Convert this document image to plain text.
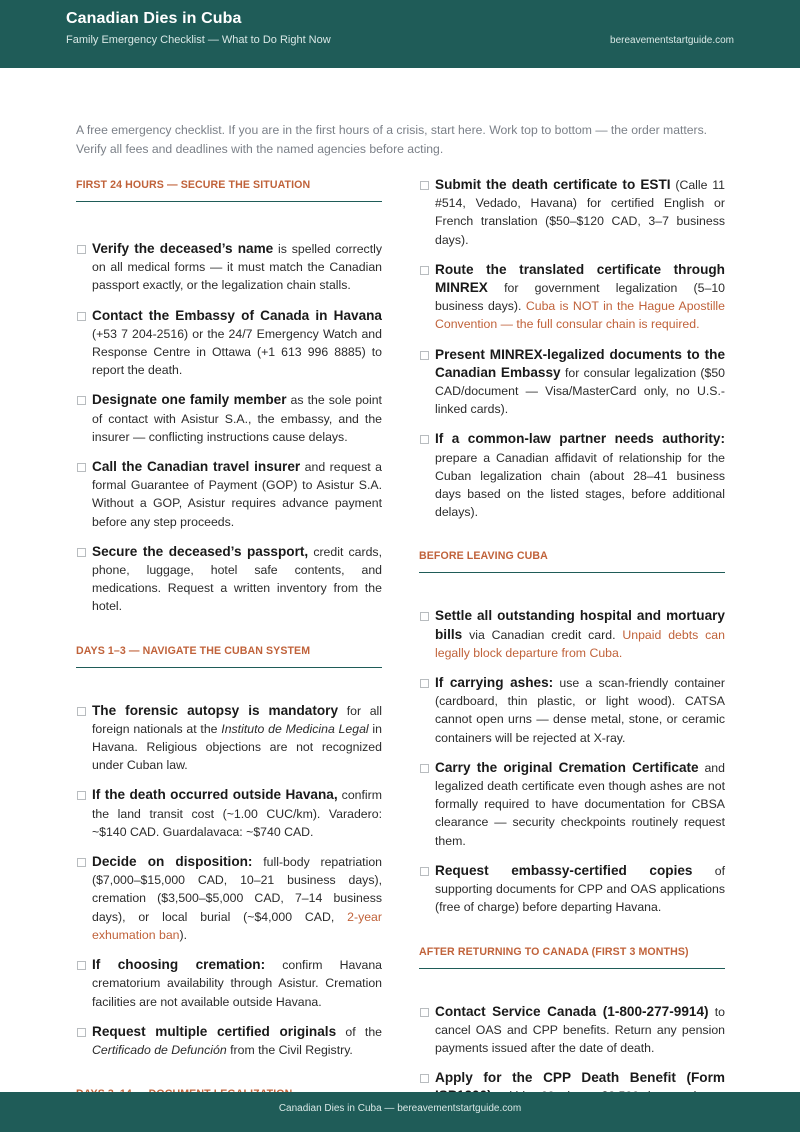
Canadian Dies in Cuba
Family Emergency Checklist — What to Do Right Now	bereavementstartguide.com
A free emergency checklist. If you are in the first hours of a crisis, start here. Work top to bottom — the order matters. Verify all fees and deadlines with the named agencies before acting.
FIRST 24 HOURS — SECURE THE SITUATION
Verify the deceased’s name is spelled correctly on all medical forms — it must match the Canadian passport exactly, or the legalization chain stalls.
Contact the Embassy of Canada in Havana (+53 7 204-2516) or the 24/7 Emergency Watch and Response Centre in Ottawa (+1 613 996 8885) to report the death.
Designate one family member as the sole point of contact with Asistur S.A., the embassy, and the insurer — conflicting instructions cause delays.
Call the Canadian travel insurer and request a formal Guarantee of Payment (GOP) to Asistur S.A. Without a GOP, Asistur requires advance payment before any step proceeds.
Secure the deceased’s passport, credit cards, phone, luggage, hotel safe contents, and medications. Request a written inventory from the hotel.
DAYS 1–3 — NAVIGATE THE CUBAN SYSTEM
The forensic autopsy is mandatory for all foreign nationals at the Instituto de Medicina Legal in Havana. Religious objections are not recognized under Cuban law.
If the death occurred outside Havana, confirm the land transit cost (~1.00 CUC/km). Varadero: ~$140 CAD. Guardalavaca: ~$740 CAD.
Decide on disposition: full-body repatriation ($7,000–$15,000 CAD, 10–21 business days), cremation ($3,500–$5,000 CAD, 7–14 business days), or local burial (~$4,000 CAD, 2-year exhumation ban).
If choosing cremation: confirm Havana crematorium availability through Asistur. Cremation facilities are not available outside Havana.
Request multiple certified originals of the Certificado de Defunción from the Civil Registry.
Submit the death certificate to ESTI (Calle 11 #514, Vedado, Havana) for certified English or French translation ($50–$120 CAD, 3–7 business days).
Route the translated certificate through MINREX for government legalization (5–10 business days). Cuba is NOT in the Hague Apostille Convention — the full consular chain is required.
Present MINREX-legalized documents to the Canadian Embassy for consular legalization ($50 CAD/document — Visa/MasterCard only, no U.S.-linked cards).
If a common-law partner needs authority: prepare a Canadian affidavit of relationship for the Cuban legalization chain (about 28–41 business days based on the listed stages, before additional delays).
BEFORE LEAVING CUBA
Settle all outstanding hospital and mortuary bills via Canadian credit card. Unpaid debts can legally block departure from Cuba.
If carrying ashes: use a scan-friendly container (cardboard, thin plastic, or light wood). CATSA cannot open urns — dense metal, stone, or ceramic containers will be rejected at X-ray.
Carry the original Cremation Certificate and legalized death certificate even though ashes are not formally required to have documentation for CBSA clearance — security checkpoints routinely request them.
Request embassy-certified copies of supporting documents for CPP and OAS applications (free of charge) before departing Havana.
AFTER RETURNING TO CANADA (FIRST 3 MONTHS)
Contact Service Canada (1-800-277-9914) to cancel OAS and CPP benefits. Return any pension payments issued after the date of death.
Apply for the CPP Death Benefit (Form
Canadian Dies in Cuba — bereavementstartguide.com
